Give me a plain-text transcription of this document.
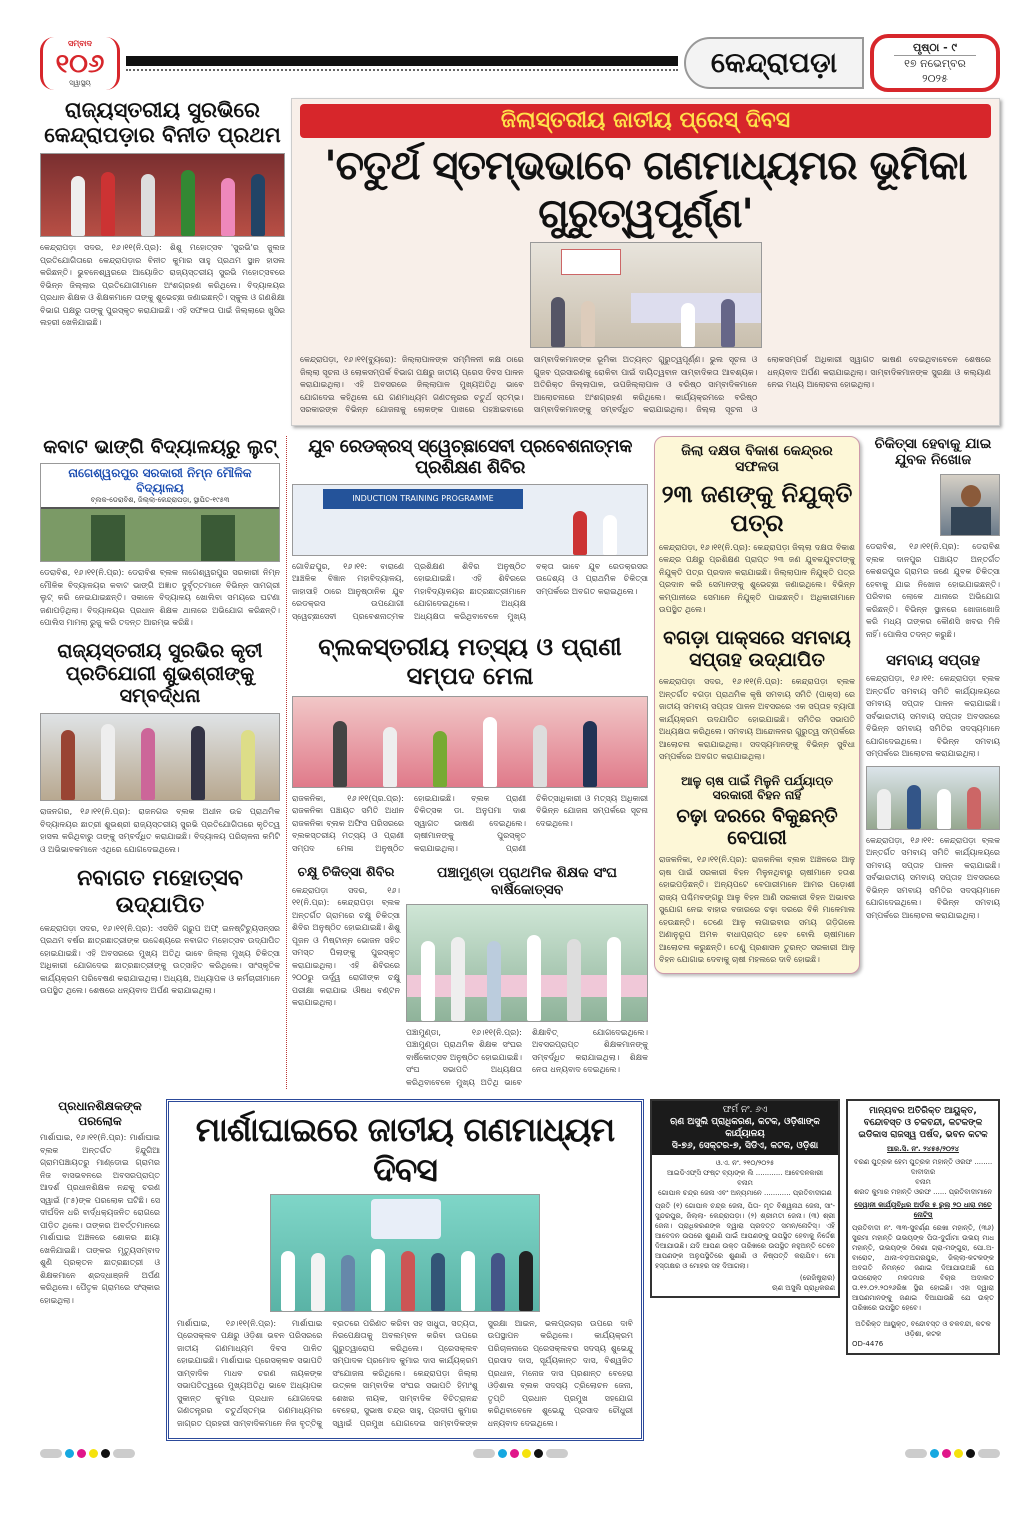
ସମ୍ବାଦ
୧୦୬
ସ୍ୱାସ୍ଥ୍ୟ
କେନ୍ଦ୍ରାପଡ଼ା	ପୃଷ୍ଠା - ୯
୧୭ ନଭେମ୍ବର
୨୦୨୫
ରାଜ୍ୟସ୍ତରୀୟ ସୁରଭିରେ କେନ୍ଦ୍ରାପଡ଼ାର ବିନୀତ ପ୍ରଥମ
କେନ୍ଦ୍ରାପଡ଼ା ସଦର, ୧୬।୧୧(ନି.ପ୍ର): ଶିଶୁ ମହୋତ୍ସବ 'ସୁରଭି'ର ଜୁଲଜ ପ୍ରତିଯୋଗିତାରେ କେନ୍ଦ୍ରାପଡ଼ାର ବିନୀତ କୁମାର ସାହୁ ପ୍ରଥମ ସ୍ଥାନ ହାସଲ କରିଛନ୍ତି। ଭୁବନେଶ୍ୱରରେ ଆୟୋଜିତ ରାଜ୍ୟସ୍ତରୀୟ ସୁରଭି ମହୋତ୍ସବରେ ବିଭିନ୍ନ ଜିଲ୍ଲାର ପ୍ରତିଯୋଗୀମାନେ ଅଂଶଗ୍ରହଣ କରିଥିଲେ। ବିଦ୍ୟାଳୟର ପ୍ରଧାନ ଶିକ୍ଷକ ଓ ଶିକ୍ଷକମାନେ ତାଙ୍କୁ ଶୁଭେଚ୍ଛା ଜଣାଇଛନ୍ତି। ସ୍କୁଲ ଓ ଗଣଶିକ୍ଷା ବିଭାଗ ପକ୍ଷରୁ ତାଙ୍କୁ ପୁରସ୍କୃତ କରାଯାଇଛି। ଏହି ସଫଳତା ପାଇଁ ଜିଲ୍ଲାରେ ଖୁସିର ଲହରୀ ଖେଳିଯାଇଛି।
ଜିଲାସ୍ତରୀୟ ଜାତୀୟ ପ୍ରେସ୍ ଦିବସ
'ଚତୁର୍ଥ ସ୍ତମ୍ଭଭାବେ ଗଣମାଧ୍ୟମର ଭୂମିକା ଗୁରୁତ୍ୱପୂର୍ଣ୍ଣ'
କେନ୍ଦ୍ରାପଡ଼ା, ୧୬।୧୧(ବ୍ୟୁରୋ): ଜିଲ୍ଲାପାଳଙ୍କ ସମ୍ମିଳନୀ କକ୍ଷ ଠାରେ ଜିଲ୍ଲା ସୂଚନା ଓ ଲୋକସମ୍ପର୍କ ବିଭାଗ ପକ୍ଷରୁ ଜାତୀୟ ପ୍ରେସ ଦିବସ ପାଳନ କରାଯାଇଥିଲା। ଏହି ଅବସରରେ ଜିଲ୍ଲାପାଳ ମୁଖ୍ୟଅତିଥି ଭାବେ ଯୋଗଦେଇ କହିଥିଲେ ଯେ ଗଣମାଧ୍ୟମ ଗଣତନ୍ତ୍ରର ଚତୁର୍ଥ ସ୍ତମ୍ଭ। ସରକାରଙ୍କ ବିଭିନ୍ନ ଯୋଜନାକୁ ଲୋକଙ୍କ ପାଖରେ ପହଞ୍ଚାଇବାରେ ସାମ୍ବାଦିକମାନଙ୍କ ଭୂମିକା ଅତ୍ୟନ୍ତ ଗୁରୁତ୍ୱପୂର୍ଣ୍ଣ। ଭୁଲ ସୂଚନା ଓ ଗୁଜବ ପ୍ରସାରଣକୁ ରୋକିବା ପାଇଁ ଦାୟିତ୍ୱବାନ ସାମ୍ବାଦିକତା ଆବଶ୍ୟକ। ଅତିରିକ୍ତ ଜିଲ୍ଲାପାଳ, ଉପଜିଲ୍ଲାପାଳ ଓ ବରିଷ୍ଠ ସାମ୍ବାଦିକମାନେ ଆଲୋଚନାରେ ଅଂଶଗ୍ରହଣ କରିଥିଲେ। କାର୍ଯ୍ୟକ୍ରମରେ ବରିଷ୍ଠ ସାମ୍ବାଦିକମାନଙ୍କୁ ସମ୍ବର୍ଦ୍ଧିତ କରାଯାଇଥିଲା। ଜିଲ୍ଲା ସୂଚନା ଓ ଲୋକସମ୍ପର୍କ ଅଧିକାରୀ ସ୍ୱାଗତ ଭାଷଣ ଦେଇଥିବାବେଳେ ଶେଷରେ ଧନ୍ୟବାଦ ଅର୍ପଣ କରାଯାଇଥିଲା। ସାମ୍ବାଦିକମାନଙ୍କ ସୁରକ୍ଷା ଓ କଲ୍ୟାଣ ନେଇ ମଧ୍ୟ ଆଲୋଚନା ହୋଇଥିଲା।
କବାଟ ଭାଙ୍ଗି ବିଦ୍ୟାଳୟରୁ ଲୁଟ୍
ନାଗେଶ୍ୱରପୁର ସରକାରୀ ନିମ୍ନ ମୌଳିକ ବିଦ୍ୟାଳୟ
ବ୍ଲକ-ଡେରାବିଶ, ଜିଲ୍ଲା-କେନ୍ଦ୍ରାପଡ଼ା, ସ୍ଥାପିତ-୧୯୫୩
ଡେରାବିଶ, ୧୬।୧୧(ନି.ପ୍ର): ଡେରାବିଶ ବ୍ଲକ ନାଗେଶ୍ୱରପୁର ସରକାରୀ ନିମ୍ନ ମୌଳିକ ବିଦ୍ୟାଳୟର କବାଟ ଭାଙ୍ଗି ଅଜ୍ଞାତ ଦୁର୍ବୃତ୍ତମାନେ ବିଭିନ୍ନ ସାମଗ୍ରୀ ଲୁଟ୍ କରି ନେଇଯାଇଛନ୍ତି। ସକାଳେ ବିଦ୍ୟାଳୟ ଖୋଲିବା ସମୟରେ ଘଟଣା ଜଣାପଡ଼ିଥିଲା। ବିଦ୍ୟାଳୟର ପ୍ରଧାନ ଶିକ୍ଷକ ଥାନାରେ ଅଭିଯୋଗ କରିଛନ୍ତି। ପୋଲିସ ମାମଲା ରୁଜୁ କରି ତଦନ୍ତ ଆରମ୍ଭ କରିଛି।
ରାଜ୍ୟସ୍ତରୀୟ ସୁରଭିର କୃତୀ ପ୍ରତିଯୋଗୀ ଶୁଭଶ୍ରୀଙ୍କୁ ସମ୍ବର୍ଦ୍ଧନା
ରାଜନଗର, ୧୬।୧୧(ନି.ପ୍ର): ରାଜନଗର ବ୍ଲକ ଅଧୀନ ଉଚ୍ଚ ପ୍ରାଥମିକ ବିଦ୍ୟାଳୟର ଛାତ୍ରୀ ଶୁଭଶ୍ରୀ ରାଜ୍ୟସ୍ତରୀୟ ସୁରଭି ପ୍ରତିଯୋଗିତାରେ କୃତିତ୍ୱ ହାସଲ କରିଥିବାରୁ ତାଙ୍କୁ ସମ୍ବର୍ଦ୍ଧିତ କରାଯାଇଛି। ବିଦ୍ୟାଳୟ ପରିଚାଳନା କମିଟି ଓ ଅଭିଭାବକମାନେ ଏଥିରେ ଯୋଗଦେଇଥିଲେ।
ନବାଗତ ମହୋତ୍ସବ ଉଦ୍ଯାପିତ
କେନ୍ଦ୍ରାପଡ଼ା ସଦର, ୧୬।୧୧(ନି.ପ୍ର): ଏସସିବି ଗ୍ରୁପ ଅଫ୍ ଇନଷ୍ଟିଚ୍ୟୁସନ୍ସର ପ୍ରଥମ ବର୍ଷର ଛାତ୍ରଛାତ୍ରୀଙ୍କ ଉଦ୍ଦେଶ୍ୟରେ ନବାଗତ ମହୋତ୍ସବ ଉଦ୍ଯାପିତ ହୋଇଯାଇଛି। ଏହି ଅବସରରେ ମୁଖ୍ୟ ଅତିଥି ଭାବେ ଜିଲ୍ଲା ମୁଖ୍ୟ ଚିକିତ୍ସା ଅଧିକାରୀ ଯୋଗଦେଇ ଛାତ୍ରଛାତ୍ରୀଙ୍କୁ ଉତ୍ସାହିତ କରିଥିଲେ। ସାଂସ୍କୃତିକ କାର୍ଯ୍ୟକ୍ରମ ପରିବେଷଣ କରାଯାଇଥିଲା। ଅଧ୍ୟକ୍ଷ, ଅଧ୍ୟାପକ ଓ କର୍ମଚାରୀମାନେ ଉପସ୍ଥିତ ଥିଲେ। ଶେଷରେ ଧନ୍ୟବାଦ ଅର୍ପଣ କରାଯାଇଥିଲା।
ଯୁବ ରେଡକ୍ରସ୍ ସ୍ୱେଚ୍ଛାସେବୀ ପ୍ରବେଶନାତ୍ମକ ପ୍ରଶିକ୍ଷଣ ଶିବିର
INDUCTION TRAINING PROGRAMME
ଗୋବିନ୍ଦପୁର, ୧୬।୧୧: ବାରାଣେ ଆଞ୍ଚଳିକ ବିଜ୍ଞାନ ମହାବିଦ୍ୟାଳୟ, ଜାହାସାହି ଠାରେ ଆନୁଷ୍ଠାନିକ ଯୁବ ରେଡକ୍ରସ ଉପଯୋଗୀ ସ୍ୱେଚ୍ଛାସେବୀ ପ୍ରବେଶନାତ୍ମକ ପ୍ରଶିକ୍ଷଣ ଶିବିର ଅନୁଷ୍ଠିତ ହୋଇଯାଇଛି। ଏହି ଶିବିରରେ ମହାବିଦ୍ୟାଳୟର ଛାତ୍ରଛାତ୍ରୀମାନେ ଯୋଗଦେଇଥିଲେ। ଅଧ୍ୟକ୍ଷ ଅଧ୍ୟକ୍ଷତା କରିଥିବାବେଳେ ମୁଖ୍ୟ ବକ୍ତା ଭାବେ ଯୁବ ରେଡକ୍ରସର ଉଦ୍ଦେଶ୍ୟ ଓ ପ୍ରାଥମିକ ଚିକିତ୍ସା ସମ୍ପର୍କରେ ଅବଗତ କରାଇଥିଲେ।
ବ୍ଲକସ୍ତରୀୟ ମତ୍ସ୍ୟ ଓ ପ୍ରାଣୀ ସମ୍ପଦ ମେଳା
ରାଜକନିକା, ୧୬।୧୧(ପ୍ର.ପ୍ର): ରାଜକନିକା ପଞ୍ଚାୟତ ସମିତି ଅଧୀନ ରାଜକନିକା ବ୍ଲକ ଅଫିସ ପରିସରରେ ବ୍ଲକସ୍ତରୀୟ ମତ୍ସ୍ୟ ଓ ପ୍ରାଣୀ ସମ୍ପଦ ମେଳା ଅନୁଷ୍ଠିତ ହୋଇଯାଇଛି। ବ୍ଲକ ପ୍ରାଣୀ ଚିକିତ୍ସକ ଡା. ଅନୁପମା ଦାଶ ସ୍ୱାଗତ ଭାଷଣ ଦେଇଥିଲେ। ଚାଷୀମାନଙ୍କୁ ପୁରସ୍କୃତ କରାଯାଇଥିଲା। ପ୍ରାଣୀ ଚିକିତ୍ସାଧିକାରୀ ଓ ମତ୍ସ୍ୟ ଅଧିକାରୀ ବିଭିନ୍ନ ଯୋଜନା ସମ୍ପର୍କରେ ସୂଚନା ଦେଇଥିଲେ।
ଚକ୍ଷୁ ଚିକିତ୍ସା ଶିବିର
କେନ୍ଦ୍ରାପଡ଼ା ସଦର, ୧୬।୧୧(ନି.ପ୍ର): କେନ୍ଦ୍ରାପଡ଼ା ବ୍ଲକ ଅନ୍ତର୍ଗତ ଗ୍ରାମରେ ଚକ୍ଷୁ ଚିକିତ୍ସା ଶିବିର ଅନୁଷ୍ଠିତ ହୋଇଯାଇଛି। ଶିଶୁ ପୂଜନ ଓ ମିଷ୍ଟାନ୍ନ ଭୋଜନ ସହିତ ସମସ୍ତ ପିଲାଙ୍କୁ ପୁରସ୍କୃତ କରାଯାଇଥିଲା। ଏହି ଶିବିରରେ ୨୦୦ରୁ ଊର୍ଦ୍ଧ୍ୱ ରୋଗୀଙ୍କ ଚକ୍ଷୁ ପରୀକ୍ଷା କରାଯାଇ ଔଷଧ ବଣ୍ଟନ କରାଯାଇଥିଲା।
ପଞ୍ଚାମୁଣ୍ଡା ପ୍ରାଥମିକ ଶିକ୍ଷକ ସଂଘ ବାର୍ଷିକୋତ୍ସବ
ପଞ୍ଚାମୁଣ୍ଡା, ୧୬।୧୧(ନି.ପ୍ର): ପଞ୍ଚାମୁଣ୍ଡା ପ୍ରାଥମିକ ଶିକ୍ଷକ ସଂଘର ବାର୍ଷିକୋତ୍ସବ ଅନୁଷ୍ଠିତ ହୋଇଯାଇଛି। ସଂଘ ସଭାପତି ଅଧ୍ୟକ୍ଷତା କରିଥିବାବେଳେ ମୁଖ୍ୟ ଅତିଥି ଭାବେ ଶିକ୍ଷାବିତ୍ ଯୋଗଦେଇଥିଲେ। ଅବସରପ୍ରାପ୍ତ ଶିକ୍ଷକମାନଙ୍କୁ ସମ୍ବର୍ଦ୍ଧିତ କରାଯାଇଥିଲା। ଶିକ୍ଷକ ନେତା ଧନ୍ୟବାଦ ଦେଇଥିଲେ।
ଜିଲା ଦକ୍ଷତା ବିକାଶ କେନ୍ଦ୍ରର ସଫଳତା
୨୩ ଜଣଙ୍କୁ ନିଯୁକ୍ତି ପତ୍ର
କେନ୍ଦ୍ରାପଡ଼ା, ୧୬।୧୧(ନି.ପ୍ର): କେନ୍ଦ୍ରାପଡ଼ା ଜିଲ୍ଲା ଦକ୍ଷତା ବିକାଶ କେନ୍ଦ୍ର ପକ୍ଷରୁ ପ୍ରଶିକ୍ଷଣ ପ୍ରାପ୍ତ ୨୩ ଜଣ ଯୁବକଯୁବତୀଙ୍କୁ ନିଯୁକ୍ତି ପତ୍ର ପ୍ରଦାନ କରାଯାଇଛି। ଜିଲ୍ଲାପାଳ ନିଯୁକ୍ତି ପତ୍ର ପ୍ରଦାନ କରି ସେମାନଙ୍କୁ ଶୁଭେଚ୍ଛା ଜଣାଇଥିଲେ। ବିଭିନ୍ନ କମ୍ପାନୀରେ ସେମାନେ ନିଯୁକ୍ତି ପାଇଛନ୍ତି। ଅଧିକାରୀମାନେ ଉପସ୍ଥିତ ଥିଲେ।
ବଗଡ଼ା ପାକ୍ସରେ ସମବାୟ ସପ୍ତାହ ଉଦ୍ଯାପିତ
କେନ୍ଦ୍ରାପଡ଼ା ସଦର, ୧୬।୧୧(ନି.ପ୍ର): କେନ୍ଦ୍ରାପଡ଼ା ବ୍ଲକ ଅନ୍ତର୍ଗତ ବଗଡ଼ା ପ୍ରାଥମିକ କୃଷି ସମବାୟ ସମିତି (ପାକ୍ସ) ରେ ଜାତୀୟ ସମବାୟ ସପ୍ତାହ ପାଳନ ଅବସରରେ ଏକ ସପ୍ତାହ ବ୍ୟାପୀ କାର୍ଯ୍ୟକ୍ରମ ଉଦଯାପିତ ହୋଇଯାଇଛି। ସମିତିର ସଭାପତି ଅଧ୍ୟକ୍ଷତା କରିଥିଲେ। ସମବାୟ ଆନ୍ଦୋଳନର ଗୁରୁତ୍ୱ ସମ୍ପର୍କରେ ଆଲୋଚନା କରାଯାଇଥିଲା। ସଦସ୍ୟମାନଙ୍କୁ ବିଭିନ୍ନ ସୁବିଧା ସମ୍ପର୍କରେ ଅବଗତ କରାଯାଇଥିଲା।
ଆଳୁ ଚାଷ ପାଇଁ ମିଳୁନି ପର୍ଯ୍ୟାପ୍ତ ସରକାରୀ ବିହନ ନାହିଁ
ଚଢ଼ା ଦରରେ ବିକୁଛନ୍ତି ବେପାରୀ
ରାଜକନିକା, ୧୬।୧୧(ନି.ପ୍ର): ରାଜକନିକା ବ୍ଲକ ଅଞ୍ଚଳରେ ଆଳୁ ଚାଷ ପାଇଁ ସରକାରୀ ବିହନ ମିଳୁନଥିବାରୁ ଚାଷୀମାନେ ହତାଶ ହୋଇପଡ଼ିଛନ୍ତି। ଅନ୍ୟପଟେ ବେପାରୀମାନେ ଆମର ପଡ଼ୋଶୀ ରାଜ୍ୟ ପଶ୍ଚିମବଙ୍ଗରୁ ଆଳୁ ବିହନ ଆଣି ସରକାରୀ ବିହନ ଅଭାବର ସୁଯୋଗ ନେଇ ବାହାର ବଜାରରେ ଚଢ଼ା ଦରରେ ବିକି ମାଳେମାଲ ହେଉଛନ୍ତି। ତେଣେ ଆଳୁ ଲଗାଇବାର ସମୟ ଗଡ଼ିଗଲେ ଅଣାନୁରୂପ ଅମଳ ବାଧାପ୍ରାପ୍ତ ହେବ ବୋଲି ଚାଷୀମାନେ ଆଲୋଚନା କରୁଛନ୍ତି। ତେଣୁ ପ୍ରଶାସନ ତୁରନ୍ତ ସରକାରୀ ଆଳୁ ବିହନ ଯୋଗାଇ ଦେବାକୁ ଚାଷୀ ମହଲରେ ଦାବି ହୋଇଛି।
ଚିକିତ୍ସା ହେବାକୁ ଯାଇ ଯୁବକ ନିଖୋଜ
ଡେରାବିଶ, ୧୬।୧୧(ନି.ପ୍ର): ଡେରାବିଶ ବ୍ଲକ ଦାନପୁର ପଞ୍ଚାୟତ ଅନ୍ତର୍ଗତ କେଶରପୁର ଗ୍ରାମର ଜଣେ ଯୁବକ ଚିକିତ୍ସା ହେବାକୁ ଯାଇ ନିଖୋଜ ହୋଇଯାଇଛନ୍ତି। ପରିବାର ଲୋକେ ଥାନାରେ ଅଭିଯୋଗ କରିଛନ୍ତି। ବିଭିନ୍ନ ସ୍ଥାନରେ ଖୋଜାଖୋଜି କରି ମଧ୍ୟ ତାଙ୍କର କୌଣସି ଖବର ମିଳି ନାହିଁ। ପୋଲିସ ତଦନ୍ତ କରୁଛି।
ସମବାୟ ସପ୍ତାହ
କେନ୍ଦ୍ରାପଡ଼ା, ୧୬।୧୧: କେନ୍ଦ୍ରାପଡ଼ା ବ୍ଲକ ଅନ୍ତର୍ଗତ ସମବାୟ ସମିତି କାର୍ଯ୍ୟାଳୟରେ ସମବାୟ ସପ୍ତାହ ପାଳନ କରାଯାଇଛି। ସର୍ବଭାରତୀୟ ସମବାୟ ସପ୍ତାହ ଅବସରରେ ବିଭିନ୍ନ ସମବାୟ ସମିତିର ସଦସ୍ୟମାନେ ଯୋଗଦେଇଥିଲେ। ବିଭିନ୍ନ ସମବାୟ ସମ୍ପର୍କରେ ଆଲୋଚନା କରାଯାଇଥିଲା।
କେନ୍ଦ୍ରାପଡ଼ା, ୧୬।୧୧: କେନ୍ଦ୍ରାପଡ଼ା ବ୍ଲକ ଅନ୍ତର୍ଗତ ସମବାୟ ସମିତି କାର୍ଯ୍ୟାଳୟରେ ସମବାୟ ସପ୍ତାହ ପାଳନ କରାଯାଇଛି। ସର୍ବଭାରତୀୟ ସମବାୟ ସପ୍ତାହ ଅବସରରେ ବିଭିନ୍ନ ସମବାୟ ସମିତିର ସଦସ୍ୟମାନେ ଯୋଗଦେଇଥିଲେ। ବିଭିନ୍ନ ସମବାୟ ସମ୍ପର୍କରେ ଆଲୋଚନା କରାଯାଇଥିଲା।
ପ୍ରଧାନଶିକ୍ଷକଙ୍କ ପରଲୋକ
ମାର୍ଶାଘାଇ, ୧୬।୧୧(ନି.ପ୍ର): ମାର୍ଶାଘାଇ ବ୍ଲକ ଅନ୍ତର୍ଗତ ହିନ୍ଦୁଗିଆ ଗ୍ରାମପଞ୍ଚାୟତରୁ ମାଣ୍ଡୋଇ ଗ୍ରାମର ନିଜ ବାସଭବନରେ ଅବସରପ୍ରାପ୍ତ ଆଦର୍ଶ ପ୍ରଧାନଶିକ୍ଷକ ନନ୍ଦକୁ ଚରଣ ସ୍ୱାଇଁ (୮୫)ଙ୍କ ପରଲୋକ ଘଟିଛି। ସେ ଦୀର୍ଘଦିନ ଧରି ବାର୍ଦ୍ଧକ୍ୟଜନିତ ରୋଗରେ ପୀଡ଼ିତ ଥିଲେ। ତାଙ୍କର ଅବର୍ତ୍ତମାନରେ ମାର୍ଶାଘାଇ ଅଞ୍ଚଳରେ ଶୋକର ଛାୟା ଖେଳିଯାଇଛି। ତାଙ୍କର ମୃତ୍ୟୁସମ୍ବାଦ ଶୁଣି ପ୍ରକ୍ତନ ଛାତ୍ରଛାତ୍ରୀ ଓ ଶିକ୍ଷକମାନେ ଶ୍ରଦ୍ଧାଞ୍ଜଳି ଅର୍ପଣ କରିଥିଲେ। ପୈତୃକ ଗ୍ରାମରେ ସଂସ୍କାର ହୋଇଥିଲା।
ମାର୍ଶାଘାଇରେ ଜାତୀୟ ଗଣମାଧ୍ୟମ ଦିବସ
ମାର୍ଶାଘାଇ, ୧୬।୧୧(ନି.ପ୍ର): ମାର୍ଶାଘାଇ ପ୍ରେସକ୍ଲବ ପକ୍ଷରୁ ଓଡ଼ିଶା ଭବନ ପରିସରରେ ଜାତୀୟ ଗଣମାଧ୍ୟମ ଦିବସ ପାଳିତ ହୋଇଯାଇଛି। ମାର୍ଶାଘାଇ ପ୍ରେସକ୍ଲବ ସଭାପତି ସାମ୍ବାଦିକ ମାଧବ ଚରଣ ନାୟକଙ୍କ ସଭାପତିତ୍ୱରେ ମୁଖ୍ୟଅତିଥି ଭାବେ ଅଧ୍ୟାପକ ସୁକାନ୍ତ କୁମାର ପ୍ରଧାନ ଯୋଗଦେଇ ଗଣତନ୍ତ୍ରର ଚତୁର୍ଥସ୍ତମ୍ଭ ଗଣମାଧ୍ୟମର ଜାଗ୍ରତ ପ୍ରହରୀ ସାମ୍ବାଦିକମାନେ ନିଜ ବୃତ୍ତିକୁ ବ୍ରତରେ ପରିଣତ କରିବା ସହ ସାଧୁତା, ସତ୍ୟତା, ନିରପେକ୍ଷତାକୁ ଅବଲମ୍ବନ କରିବା ଉପରେ ଗୁରୁତ୍ୱାରୋପ କରିଥିଲେ। ପ୍ରେସକ୍ଲବ ସମ୍ପାଦକ ପ୍ରମୋଦ କୁମାର ଦାସ କାର୍ଯ୍ୟକ୍ରମ ସଂଯୋଜନା କରିଥିଲେ। କେନ୍ଦ୍ରାପଡ଼ା ଜିଲ୍ଲା ଉତ୍କଳ ସାମ୍ବାଦିକ ସଂଘର ସଭାପତି ହିମାଂଶୁ ଶେଖର ନାୟକ, ସାମ୍ବାଦିକ ବିଚିତ୍ରାନନ୍ଦ ବେହେରା, ସୁଭାଷ ଚନ୍ଦ୍ର ସାହୁ, ପ୍ରଦୀପ କୁମାର ସ୍ୱାଇଁ ପ୍ରମୁଖ ଯୋଗଦେଇ ସାମ୍ବାଦିକଙ୍କ ସୁରକ୍ଷା ଆଇନ, ଭଲପ୍ରଚାର ଉପରେ ଦାବି ଉପସ୍ଥାପନ କରିଥିଲେ। କାର୍ଯ୍ୟକ୍ରମ ପରିଚାଳନାରେ ପ୍ରେସକ୍ଲବର ସଦସ୍ୟ ଶୁଭେନ୍ଦୁ ପ୍ରସାଦ ଦାସ, ସୂର୍ଯ୍ୟକାନ୍ତ ଦାସ, ବିଶ୍ୱଜିତ ପ୍ରଧାନ, ମନୋଜ ଦାସ ପ୍ରଶାନ୍ତ ବେହେରା ଓଡ଼ିଶାଲ ବ୍ଲକ ସଦସ୍ୟ ତ୍ରିଲୋଚନ ଜେନା, ତୃପ୍ତି ପ୍ରଧାନ ପ୍ରମୁଖ ସହଯୋଗ କରିଥିବାବେଳେ ଶୁଭେନ୍ଦୁ ପ୍ରସାଦ ଚୌଧୁରୀ ଧନ୍ୟବାଦ ଦେଇଥିଲେ।
ଫର୍ମ ନଂ. ୬ଏ
ଋଣ ଅସୁଲି ପ୍ରାଧିକରଣ, କଟକ, ଓଡ଼ିଶାଙ୍କ କାର୍ଯ୍ୟାଳୟ
ସି-୭୬, ସେକ୍ଟର-୭, ସିଡିଏ, କଟକ, ଓଡ଼ିଶା
ଓ.ଏ. ନଂ. ୨୧୦/୨୦୨୫
ଆଇଡିଏଫ୍‌ସି ଫଷ୍ଟ ବ୍ୟାଙ୍କ ଲି ............ ଆବେଦନକାରୀ
ବନାମ
ଗୋପାଳ ଚନ୍ଦ୍ର ଜେନା ଏବଂ ଅନ୍ୟମାନେ ............ ପ୍ରତିବାଦୀଗଣ
ପ୍ରତି (୧) ଗୋପାଳ ଚନ୍ଦ୍ର ଜେନା, ପିତା- ମୃତ ବିଶ୍ୱନାଥ ଜେନା, ସାଂ- ସୁନ୍ଦରପୁର, ଜିଲ୍ଲା- କେନ୍ଦ୍ରାପଡ଼ା। (୨) ଶ୍ରୀମତୀ ଜେନା। (୩) ଶ୍ରୀ ଜେନା। ପ୍ରାଧିକରଣଙ୍କ ଦ୍ୱାରା ପ୍ରଦତ୍ତ ସମନ/ନୋଟିସ୍। ଏହି ଆବେଦନ ଉପରେ ଶୁଣାଣି ପାଇଁ ଆପଣଙ୍କୁ ଉପସ୍ଥିତ ହେବାକୁ ନିର୍ଦ୍ଦେଶ ଦିଆଯାଉଛି। ଯଦି ଆପଣ ଉକ୍ତ ତାରିଖରେ ଉପସ୍ଥିତ ନହୁଅନ୍ତି ତେବେ ଆପଣଙ୍କ ଅନୁପସ୍ଥିତିରେ ଶୁଣାଣି ଓ ନିଷ୍ପତ୍ତି କରାଯିବ। ମୋ ହସ୍ତାକ୍ଷର ଓ ମୋହର ସହ ଦିଆଗଲା।
(ରେଜିଷ୍ଟ୍ରାର)
ଋଣ ଅସୁଲି ପ୍ରାଧିକରଣ
ମାନ୍ୟବର ଅତିରିକ୍ତ ଆୟୁକ୍ତ, ବନ୍ଦୋବସ୍ତ ଓ ଚକବନ୍ଦୀ, କଟକଙ୍କ ଇଡିକାସ ରାଜସ୍ୱ ପର୍ଷଦ, ଭବନ କଟକ
ଆର.ସି. ନଂ. ୨୪୫୫/୨୦୨୪
ବରଣ ପୁତ୍ରକ ହେମ ପୁତ୍ରକ ମହାନ୍ତି ଓରଫ ........ ଦାବୀଦାର
ବନାମ
ଶରତ କୁମାର ମହାନ୍ତି ଓରଫ ...... ପ୍ରତିବାଦୀମାନେ
ଦେୱାନୀ କାର୍ଯ୍ୟବିଧିର ଅର୍ଡର ୫ ରୁଲ୍ ୨୦ ଧାରା ମତେ ନୋଟିସ୍
ପ୍ରତିବାଦୀ ନଂ. ୩୩-ସୁବର୍ଣ୍ଣ ରେଖା ମହାନ୍ତି, (୩୬) ସୁରମା ମହାନ୍ତି ଉଭୟଙ୍କ ପିତା-ଦୁର୍ଗାମା ଉଭୟ ମାଧ ମହାନ୍ତି, ଉଭୟଙ୍କ ଠିକଣା ଗ୍ରା-ମଙ୍ଗୁରା, ପୋ.ଅ-ବାରୋଟ, ଥାନା-ବଡ଼ଅଗରପୁର, ଜିଲ୍ଲା-କଟକଙ୍କ ଅବଗତି ନିମନ୍ତେ ଜଣାଇ ଦିଆଯାଉଅଛି ଯେ ଉପରୋକ୍ତ ମକଦ୍ଦମାର ବିଚାର ଅଦାଲତ ତା.୧୨.୦୨.୨୦୨୬ରିଖ ସ୍ଥିର ହୋଇଛି। ଏହା ଦ୍ୱାରା ଆପଣମାନଙ୍କୁ ଜଣାଇ ଦିଆଯାଉଛି ଯେ ଉକ୍ତ ତାରିଖରେ ଉପସ୍ଥିତ ହେବେ।
ଅତିରିକ୍ତ ଆୟୁକ୍ତ, ବନ୍ଦୋବସ୍ତ ଓ ଚକବନ୍ଦୀ, କଟକ
ଓଡ଼ିଶା, କଟକ
OD-4476
